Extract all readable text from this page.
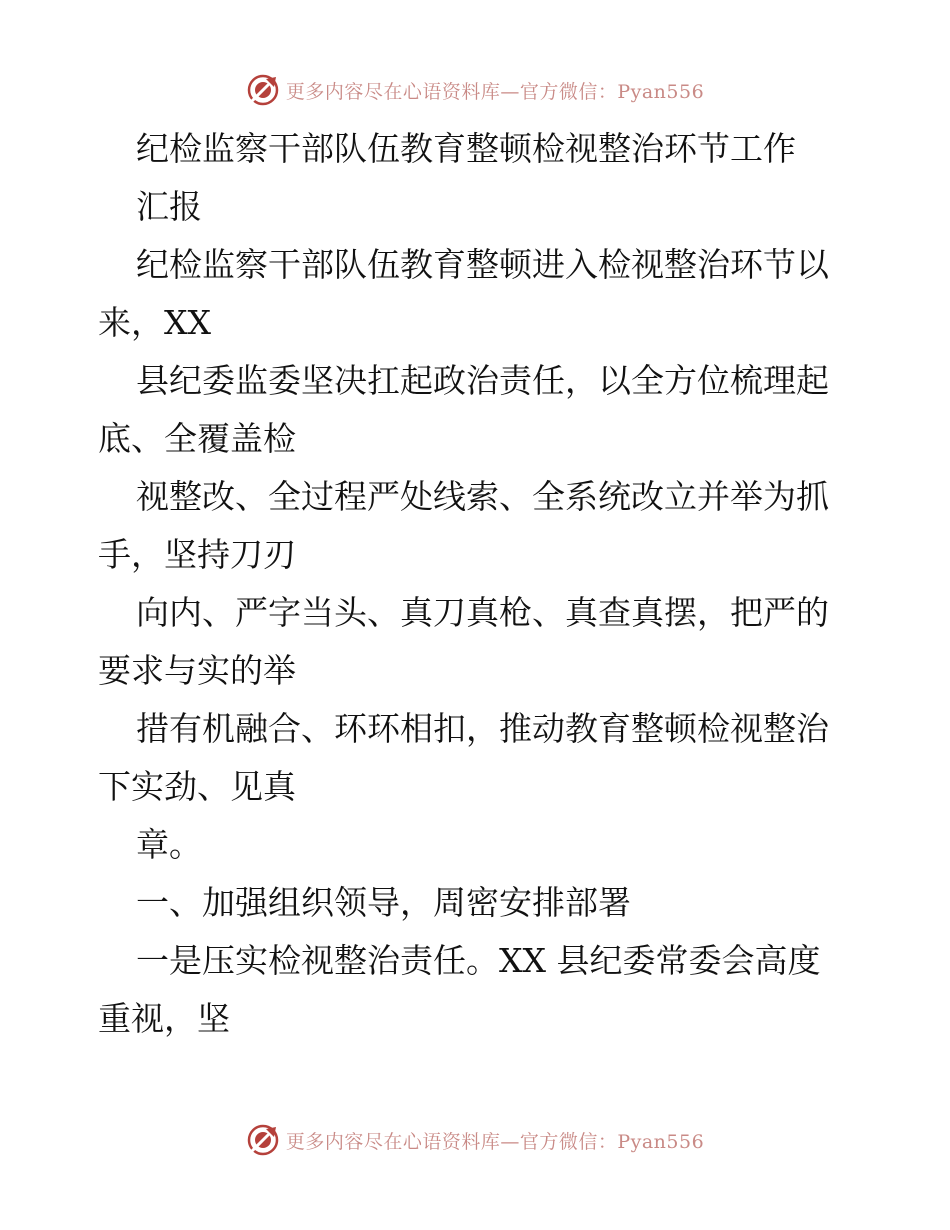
更多内容尽在心语资料库—官方微信：Pyan556
纪检监察干部队伍教育整顿检视整治环节工作
汇报
纪检监察干部队伍教育整顿进入检视整治环节以
来，XX
县纪委监委坚决扛起政治责任，以全方位梳理起
底、全覆盖检
视整改、全过程严处线索、全系统改立并举为抓
手，坚持刀刃
向内、严字当头、真刀真枪、真查真摆，把严的
要求与实的举
措有机融合、环环相扣，推动教育整顿检视整治
下实劲、见真
章。
一、加强组织领导，周密安排部署
一是压实检视整治责任。XX 县纪委常委会高度
重视，坚
更多内容尽在心语资料库—官方微信：Pyan556
